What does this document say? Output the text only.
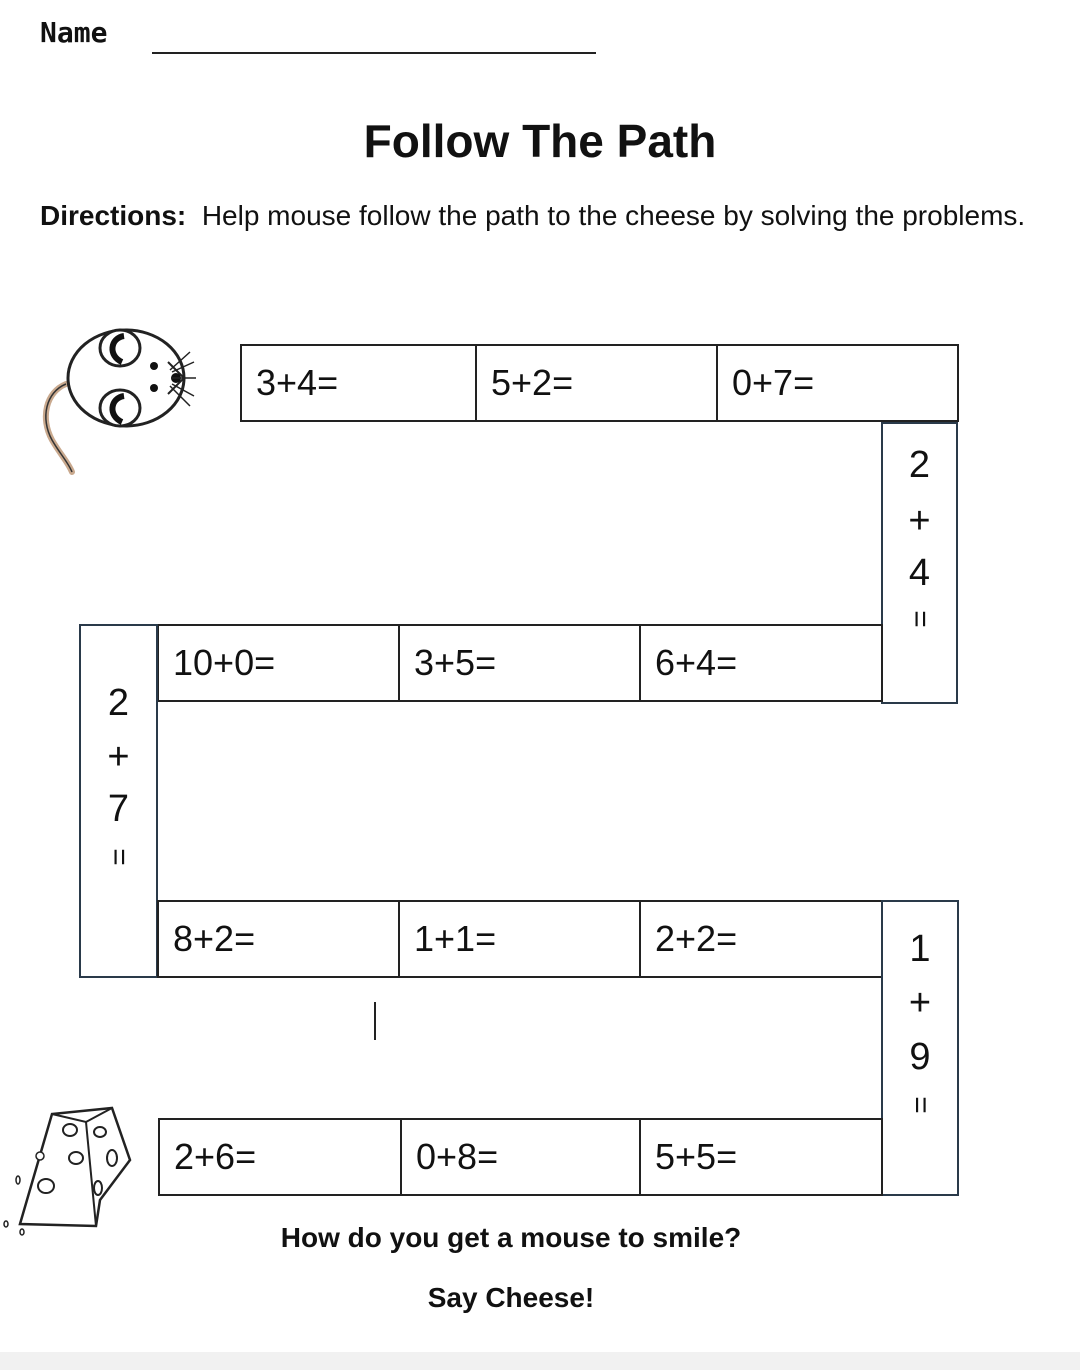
Name
Follow The Path
Directions: Help mouse follow the path to the cheese by solving the problems.
3+4=	5+2=	0+7=
2
+
4
=
10+0=	3+5=	6+4=
2
+
7
=
8+2=	1+1=	2+2=	1
+
9
=
2+6=	0+8=	5+5=
How do you get a mouse to smile?
Say Cheese!
